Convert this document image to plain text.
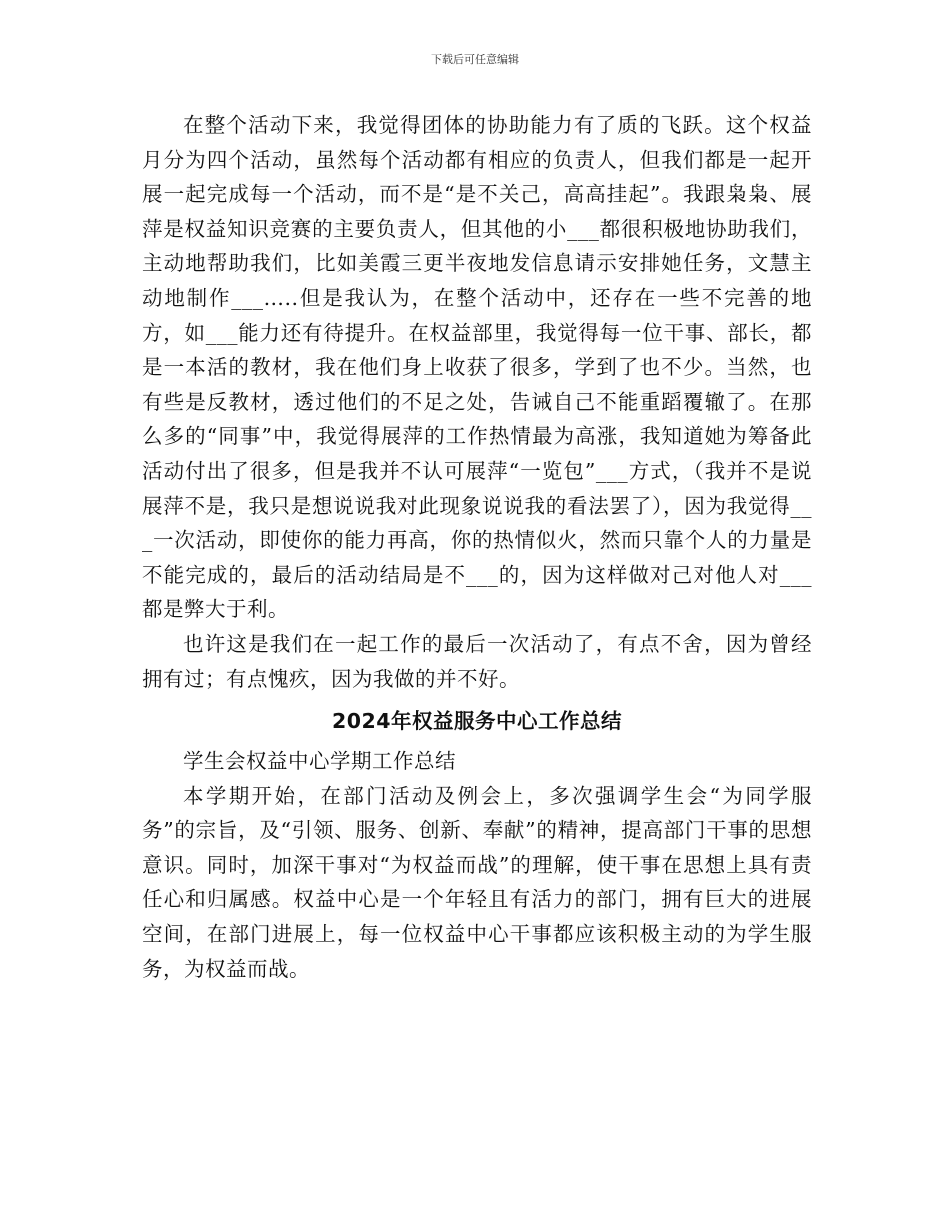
下载后可任意编辑

在整个活动下来，我觉得团体的协助能力有了质的飞跃。这个权益月分为四个活动，虽然每个活动都有相应的负责人，但我们都是一起开展一起完成每一个活动，而不是“是不关己，高高挂起”。我跟枭枭、展萍是权益知识竞赛的主要负责人，但其他的小___都很积极地协助我们，主动地帮助我们，比如美霞三更半夜地发信息请示安排她任务，文慧主动地制作___…..但是我认为，在整个活动中，还存在一些不完善的地方，如___能力还有待提升。在权益部里，我觉得每一位干事、部长，都是一本活的教材，我在他们身上收获了很多，学到了也不少。当然，也有些是反教材，透过他们的不足之处，告诫自己不能重蹈覆辙了。在那么多的“同事”中，我觉得展萍的工作热情最为高涨，我知道她为筹备此活动付出了很多，但是我并不认可展萍“一览包”___方式，（我并不是说展萍不是，我只是想说说我对此现象说说我的看法罢了），因为我觉得___一次活动，即使你的能力再高，你的热情似火，然而只靠个人的力量是不能完成的，最后的活动结局是不___的，因为这样做对己对他人对___都是弊大于利。

也许这是我们在一起工作的最后一次活动了，有点不舍，因为曾经拥有过；有点愧疚，因为我做的并不好。

2024年权益服务中心工作总结

学生会权益中心学期工作总结

本学期开始，在部门活动及例会上，多次强调学生会“为同学服务”的宗旨，及“引领、服务、创新、奉献”的精神，提高部门干事的思想意识。同时，加深干事对“为权益而战”的理解，使干事在思想上具有责任心和归属感。权益中心是一个年轻且有活力的部门，拥有巨大的进展空间，在部门进展上，每一位权益中心干事都应该积极主动的为学生服务，为权益而战。
